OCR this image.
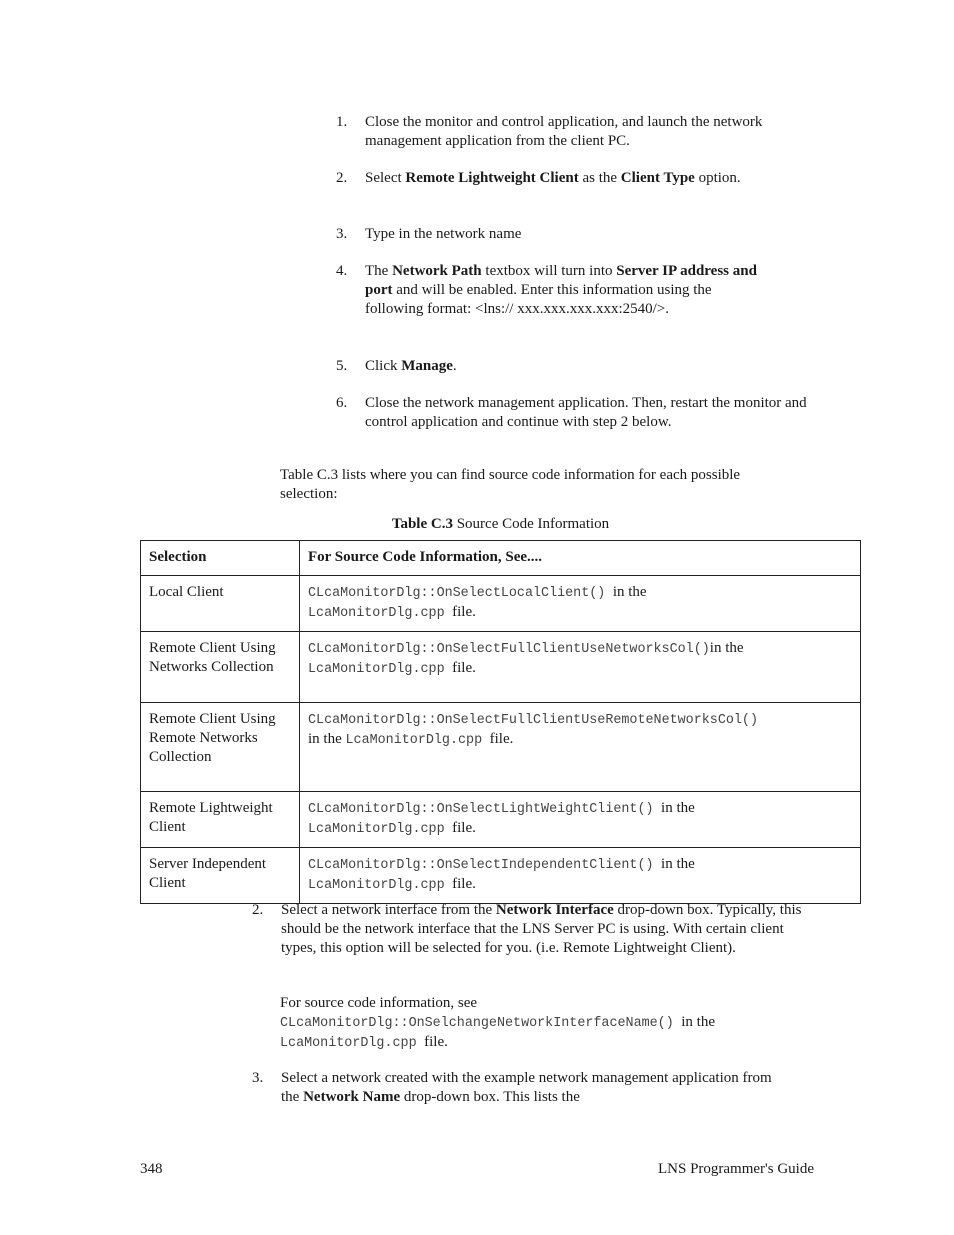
1. Close the monitor and control application, and launch the network management application from the client PC.
2. Select Remote Lightweight Client as the Client Type option.
3. Type in the network name
4. The Network Path textbox will turn into Server IP address and port and will be enabled. Enter this information using the following format: <lns:// xxx.xxx.xxx.xxx:2540/>.
5. Click Manage.
6. Close the network management application. Then, restart the monitor and control application and continue with step 2 below.
Table C.3 lists where you can find source code information for each possible selection:
Table C.3 Source Code Information
Selection	For Source Code Information, See....
Local Client	CLcaMonitorDlg::OnSelectLocalClient()  in the
LcaMonitorDlg.cpp  file.
Remote Client Using Networks Collection	CLcaMonitorDlg::OnSelectFullClientUseNetworksCol()in the
LcaMonitorDlg.cpp  file.
Remote Client Using Remote Networks Collection	CLcaMonitorDlg::OnSelectFullClientUseRemoteNetworksCol()
in the LcaMonitorDlg.cpp  file.
Remote Lightweight Client	CLcaMonitorDlg::OnSelectLightWeightClient()  in the
LcaMonitorDlg.cpp  file.
Server Independent Client	CLcaMonitorDlg::OnSelectIndependentClient()  in the
LcaMonitorDlg.cpp  file.
2. Select a network interface from the Network Interface drop-down box. Typically, this should be the network interface that the LNS Server PC is using. With certain client types, this option will be selected for you. (i.e. Remote Lightweight Client).
For source code information, see
CLcaMonitorDlg::OnSelchangeNetworkInterfaceName()  in the
LcaMonitorDlg.cpp  file.
3. Select a network created with the example network management application from the Network Name drop-down box. This lists the
348	LNS Programmer's Guide
